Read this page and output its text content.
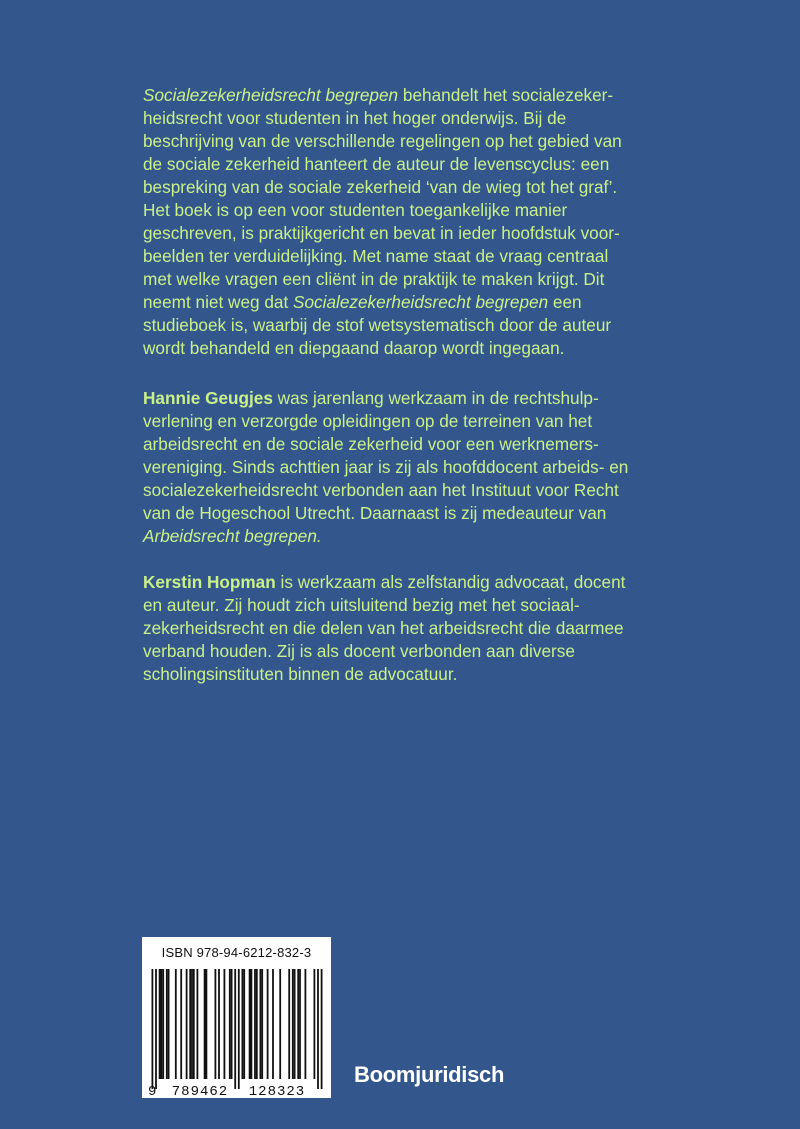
Socialezekerheidsrecht begrepen behandelt het socialezeker-
heidsrecht voor studenten in het hoger onderwijs. Bij de
beschrijving van de verschillende regelingen op het gebied van
de sociale zekerheid hanteert de auteur de levenscyclus: een
bespreking van de sociale zekerheid ‘van de wieg tot het graf’.
Het boek is op een voor studenten toegankelijke manier
geschreven, is praktijkgericht en bevat in ieder hoofdstuk voor-
beelden ter verduidelijking. Met name staat de vraag centraal
met welke vragen een cliënt in de praktijk te maken krijgt. Dit
neemt niet weg dat Socialezekerheidsrecht begrepen een
studieboek is, waarbij de stof wetsystematisch door de auteur
wordt behandeld en diepgaand daarop wordt ingegaan.
Hannie Geugjes was jarenlang werkzaam in de rechtshulp-
verlening en verzorgde opleidingen op de terreinen van het
arbeidsrecht en de sociale zekerheid voor een werknemers-
vereniging. Sinds achttien jaar is zij als hoofddocent arbeids- en
socialezekerheidsrecht verbonden aan het Instituut voor Recht
van de Hogeschool Utrecht. Daarnaast is zij medeauteur van
Arbeidsrecht begrepen.
Kerstin Hopman is werkzaam als zelfstandig advocaat, docent
en auteur. Zij houdt zich uitsluitend bezig met het sociaal-
zekerheidsrecht en die delen van het arbeidsrecht die daarmee
verband houden. Zij is als docent verbonden aan diverse
scholingsinstituten binnen de advocatuur.
ISBN 978-94-6212-832-3
9 789462 128323
Boomjuridisch
